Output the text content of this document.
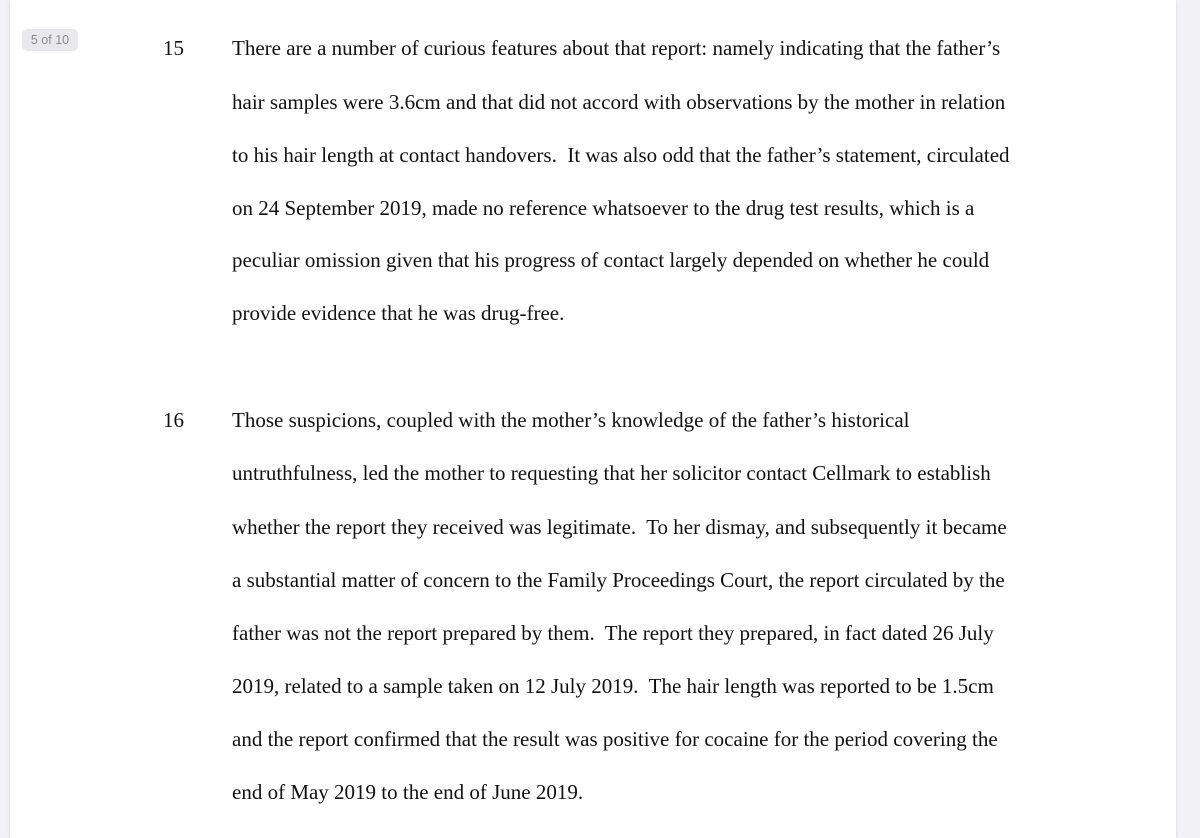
5 of 10	15 There are a number of curious features about that report: namely indicating that the father’s
hair samples were 3.6cm and that did not accord with observations by the mother in relation
to his hair length at contact handovers.  It was also odd that the father’s statement, circulated
on 24 September 2019, made no reference whatsoever to the drug test results, which is a
peculiar omission given that his progress of contact largely depended on whether he could
provide evidence that he was drug-free.
16 Those suspicions, coupled with the mother’s knowledge of the father’s historical
untruthfulness, led the mother to requesting that her solicitor contact Cellmark to establish
whether the report they received was legitimate.  To her dismay, and subsequently it became
a substantial matter of concern to the Family Proceedings Court, the report circulated by the
father was not the report prepared by them.  The report they prepared, in fact dated 26 July
2019, related to a sample taken on 12 July 2019.  The hair length was reported to be 1.5cm
and the report confirmed that the result was positive for cocaine for the period covering the
end of May 2019 to the end of June 2019.
